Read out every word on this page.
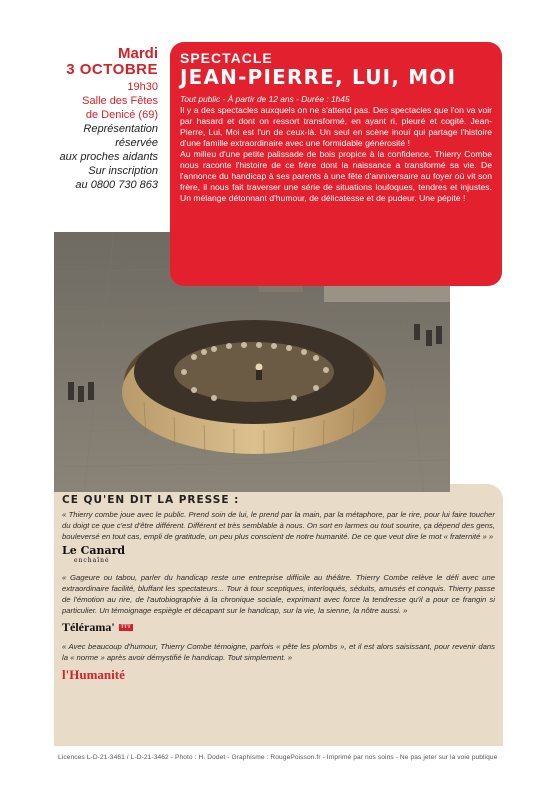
Mardi
3 OCTOBRE
19h30
Salle des Fêtes
de Denicé (69)
Représentation
réservée
aux proches aidants
Sur inscription
au 0800 730 863
SPECTACLE
JEAN-PIERRE, LUI, MOI
Tout public - À partir de 12 ans - Durée : 1h45

Il y a des spectacles auxquels on ne s'attend pas. Des spectacles que l'on va voir par hasard et dont on ressort transformé, en ayant ri, pleuré et cogité. Jean-Pierre, Lui, Moi est l'un de ceux-là. Un seul en scène inouï qui partage l'histoire d'une famille extraordinaire avec une formidable générosité !

Au milieu d'une petite palissade de bois propice à la confidence, Thierry Combe nous raconte l'histoire de ce frère dont la naissance a transformé sa vie. De l'annonce du handicap à ses parents à une fête d'anniversaire au foyer où vit son frère, il nous fait traverser une série de situations loufoques, tendres et injustes. Un mélange détonnant d'humour, de délicatesse et de pudeur. Une pépite !

CE QU'EN DIT LA PRESSE :

« Thierry combe joue avec le public. Prend soin de lui, le prend par la main, par la métaphore, par le rire, pour lui faire toucher du doigt ce que c'est d'être différent. Différent et très semblable à nous. On sort en larmes ou tout sourire, ça dépend des gens, bouleversé en tout cas, empli de gratitude, un peu plus conscient de notre humanité. De ce que veut dire le mot « fraternité » »

Le Canard
enchaîné

« Gageure ou tabou, parler du handicap reste une entreprise difficile au théâtre. Thierry Combe relève le défi avec une extraordinaire facilité, bluffant les spectateurs... Tour à tour sceptiques, interloqués, séduits, amusés et conquis. Thierry passe de l'émotion au rire, de l'autobiographie à la chronique sociale, exprimant avec force la tendresse qu'il a pour ce frangin si particulier. Un témoignage espiègle et décapant sur le handicap, sur la vie, la sienne, la nôtre aussi. »

Télérama'	TTT

« Avec beaucoup d'humour, Thierry Combe témoigne, parfois « pête les plombs », et il est alors saisissant, pour revenir dans la « norme » après avoir démystifié le handicap. Tout simplement. »

l'Humanité
Licences L-D-21-3461 / L-D-21-3462 - Photo : H. Dodet - Graphisme : RougePoisson.fr - Imprimé par nos soins - Ne pas jeter sur la voie publique
